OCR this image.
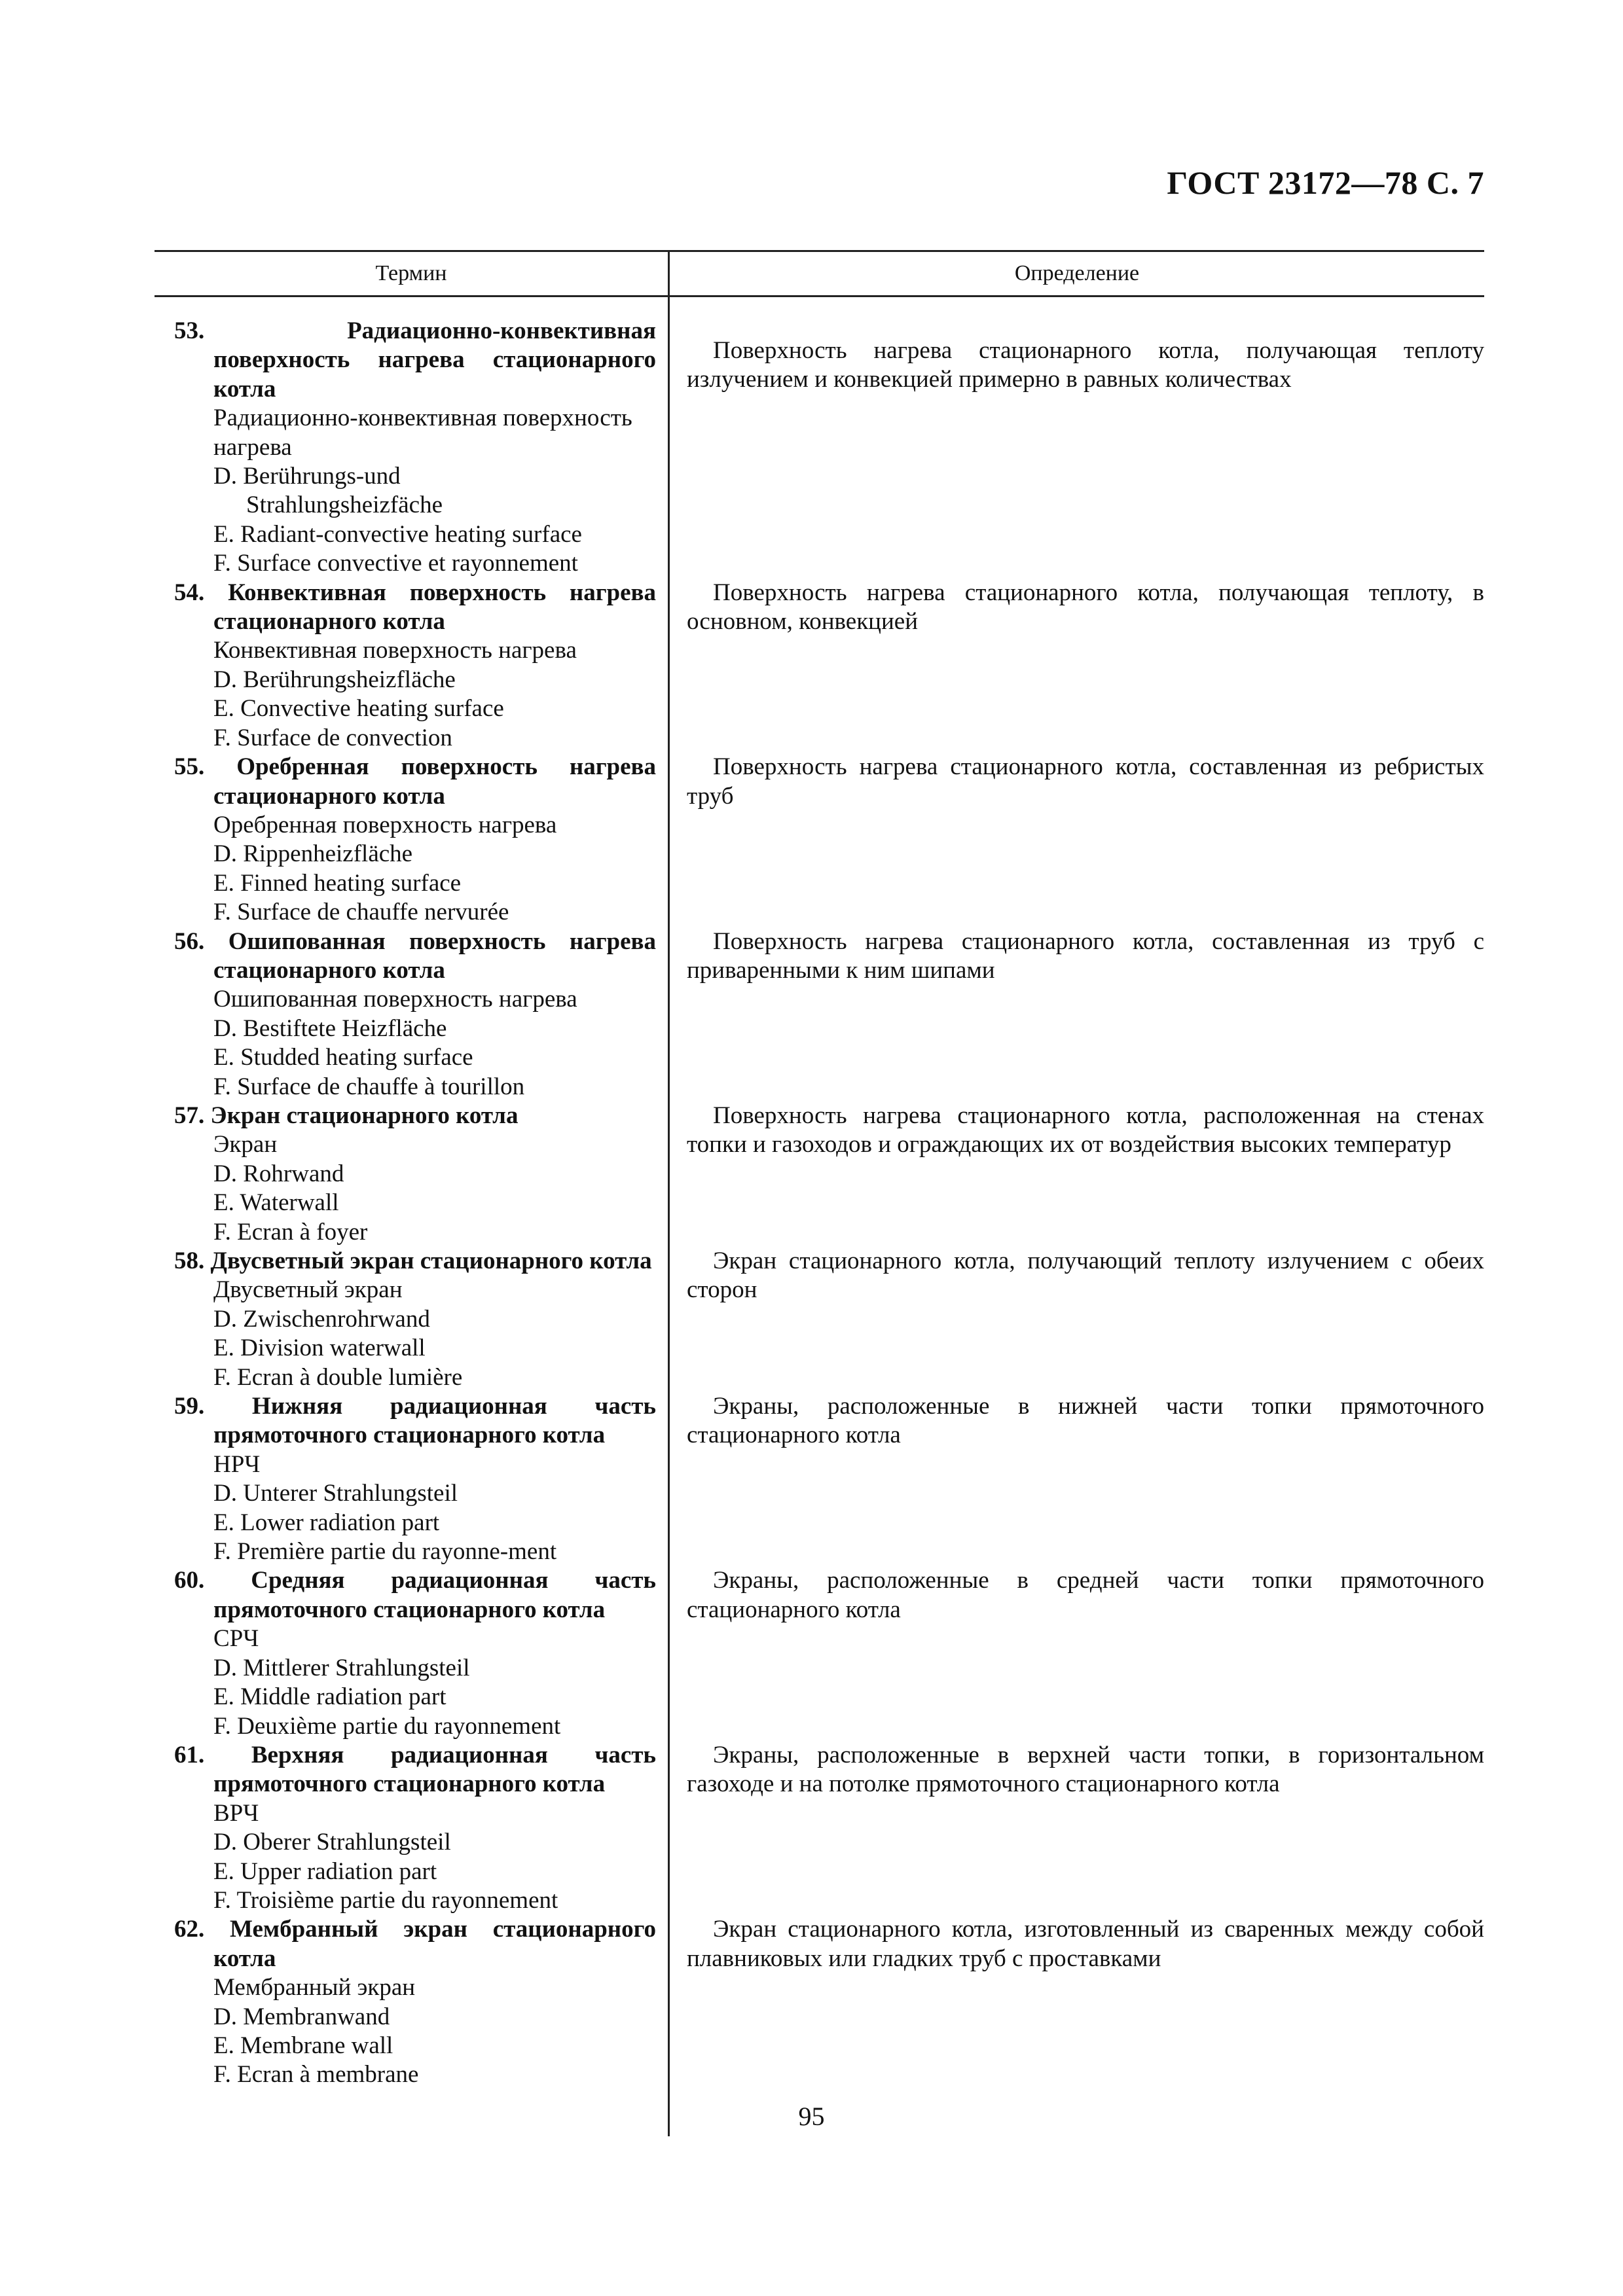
ГОСТ 23172—78 С. 7
Термин	Определение
53. Радиационно-конвективная поверхность нагрева стационарного котла
Радиационно-конвективная поверхность нагрева
D. Berührungs-und
Strahlungsheizfäche
E. Radiant-convective heating surface
F. Surface convective et rayonnement
54. Конвективная поверхность нагрева стационарного котла
Конвективная поверхность нагрева
D. Berührungsheizfläche
E. Convective heating surface
F. Surface de convection
55. Оребренная поверхность нагрева стационарного котла
Оребренная поверхность нагрева
D. Rippenheizfläche
E. Finned heating surface
F. Surface de chauffe nervurée
56. Ошипованная поверхность нагрева стационарного котла
Ошипованная поверхность нагрева
D. Bestiftete Heizfläche
E. Studded heating surface
F. Surface de chauffe à tourillon
57. Экран стационарного котла
Экран
D. Rohrwand
E. Waterwall
F. Ecran à foyer
58. Двусветный экран стационарного котла
Двусветный экран
D. Zwischenrohrwand
E. Division waterwall
F. Ecran à double lumière
59. Нижняя радиационная часть прямоточного стационарного котла
НРЧ
D. Unterer Strahlungsteil
E. Lower radiation part
F. Première partie du rayonne-ment
60. Средняя радиационная часть прямоточного стационарного котла
СРЧ
D. Mittlerer Strahlungsteil
E. Middle radiation part
F. Deuxième partie du rayonnement
61. Верхняя радиационная часть прямоточного стационарного котла
ВРЧ
D. Oberer Strahlungsteil
E. Upper radiation part
F. Troisième partie du rayonnement
62. Мембранный экран стационарного котла
Мембранный экран
D. Membranwand
E. Membrane wall
F. Ecran à membrane
Поверхность нагрева стационарного котла, получающая теплоту излучением и конвекцией примерно в равных количествах
Поверхность нагрева стационарного котла, получающая теплоту, в основном, конвекцией
Поверхность нагрева стационарного котла, составленная из ребристых труб
Поверхность нагрева стационарного котла, составленная из труб с приваренными к ним шипами
Поверхность нагрева стационарного котла, расположенная на стенах топки и газоходов и ограждающих их от воздействия высоких температур
Экран стационарного котла, получающий теплоту излучением с обеих сторон
Экраны, расположенные в нижней части топки прямоточного стационарного котла
Экраны, расположенные в средней части топки прямоточного стационарного котла
Экраны, расположенные в верхней части топки, в горизонтальном газоходе и на потолке прямоточного стационарного котла
Экран стационарного котла, изготовленный из сваренных между собой плавниковых или гладких труб с проставками
95
